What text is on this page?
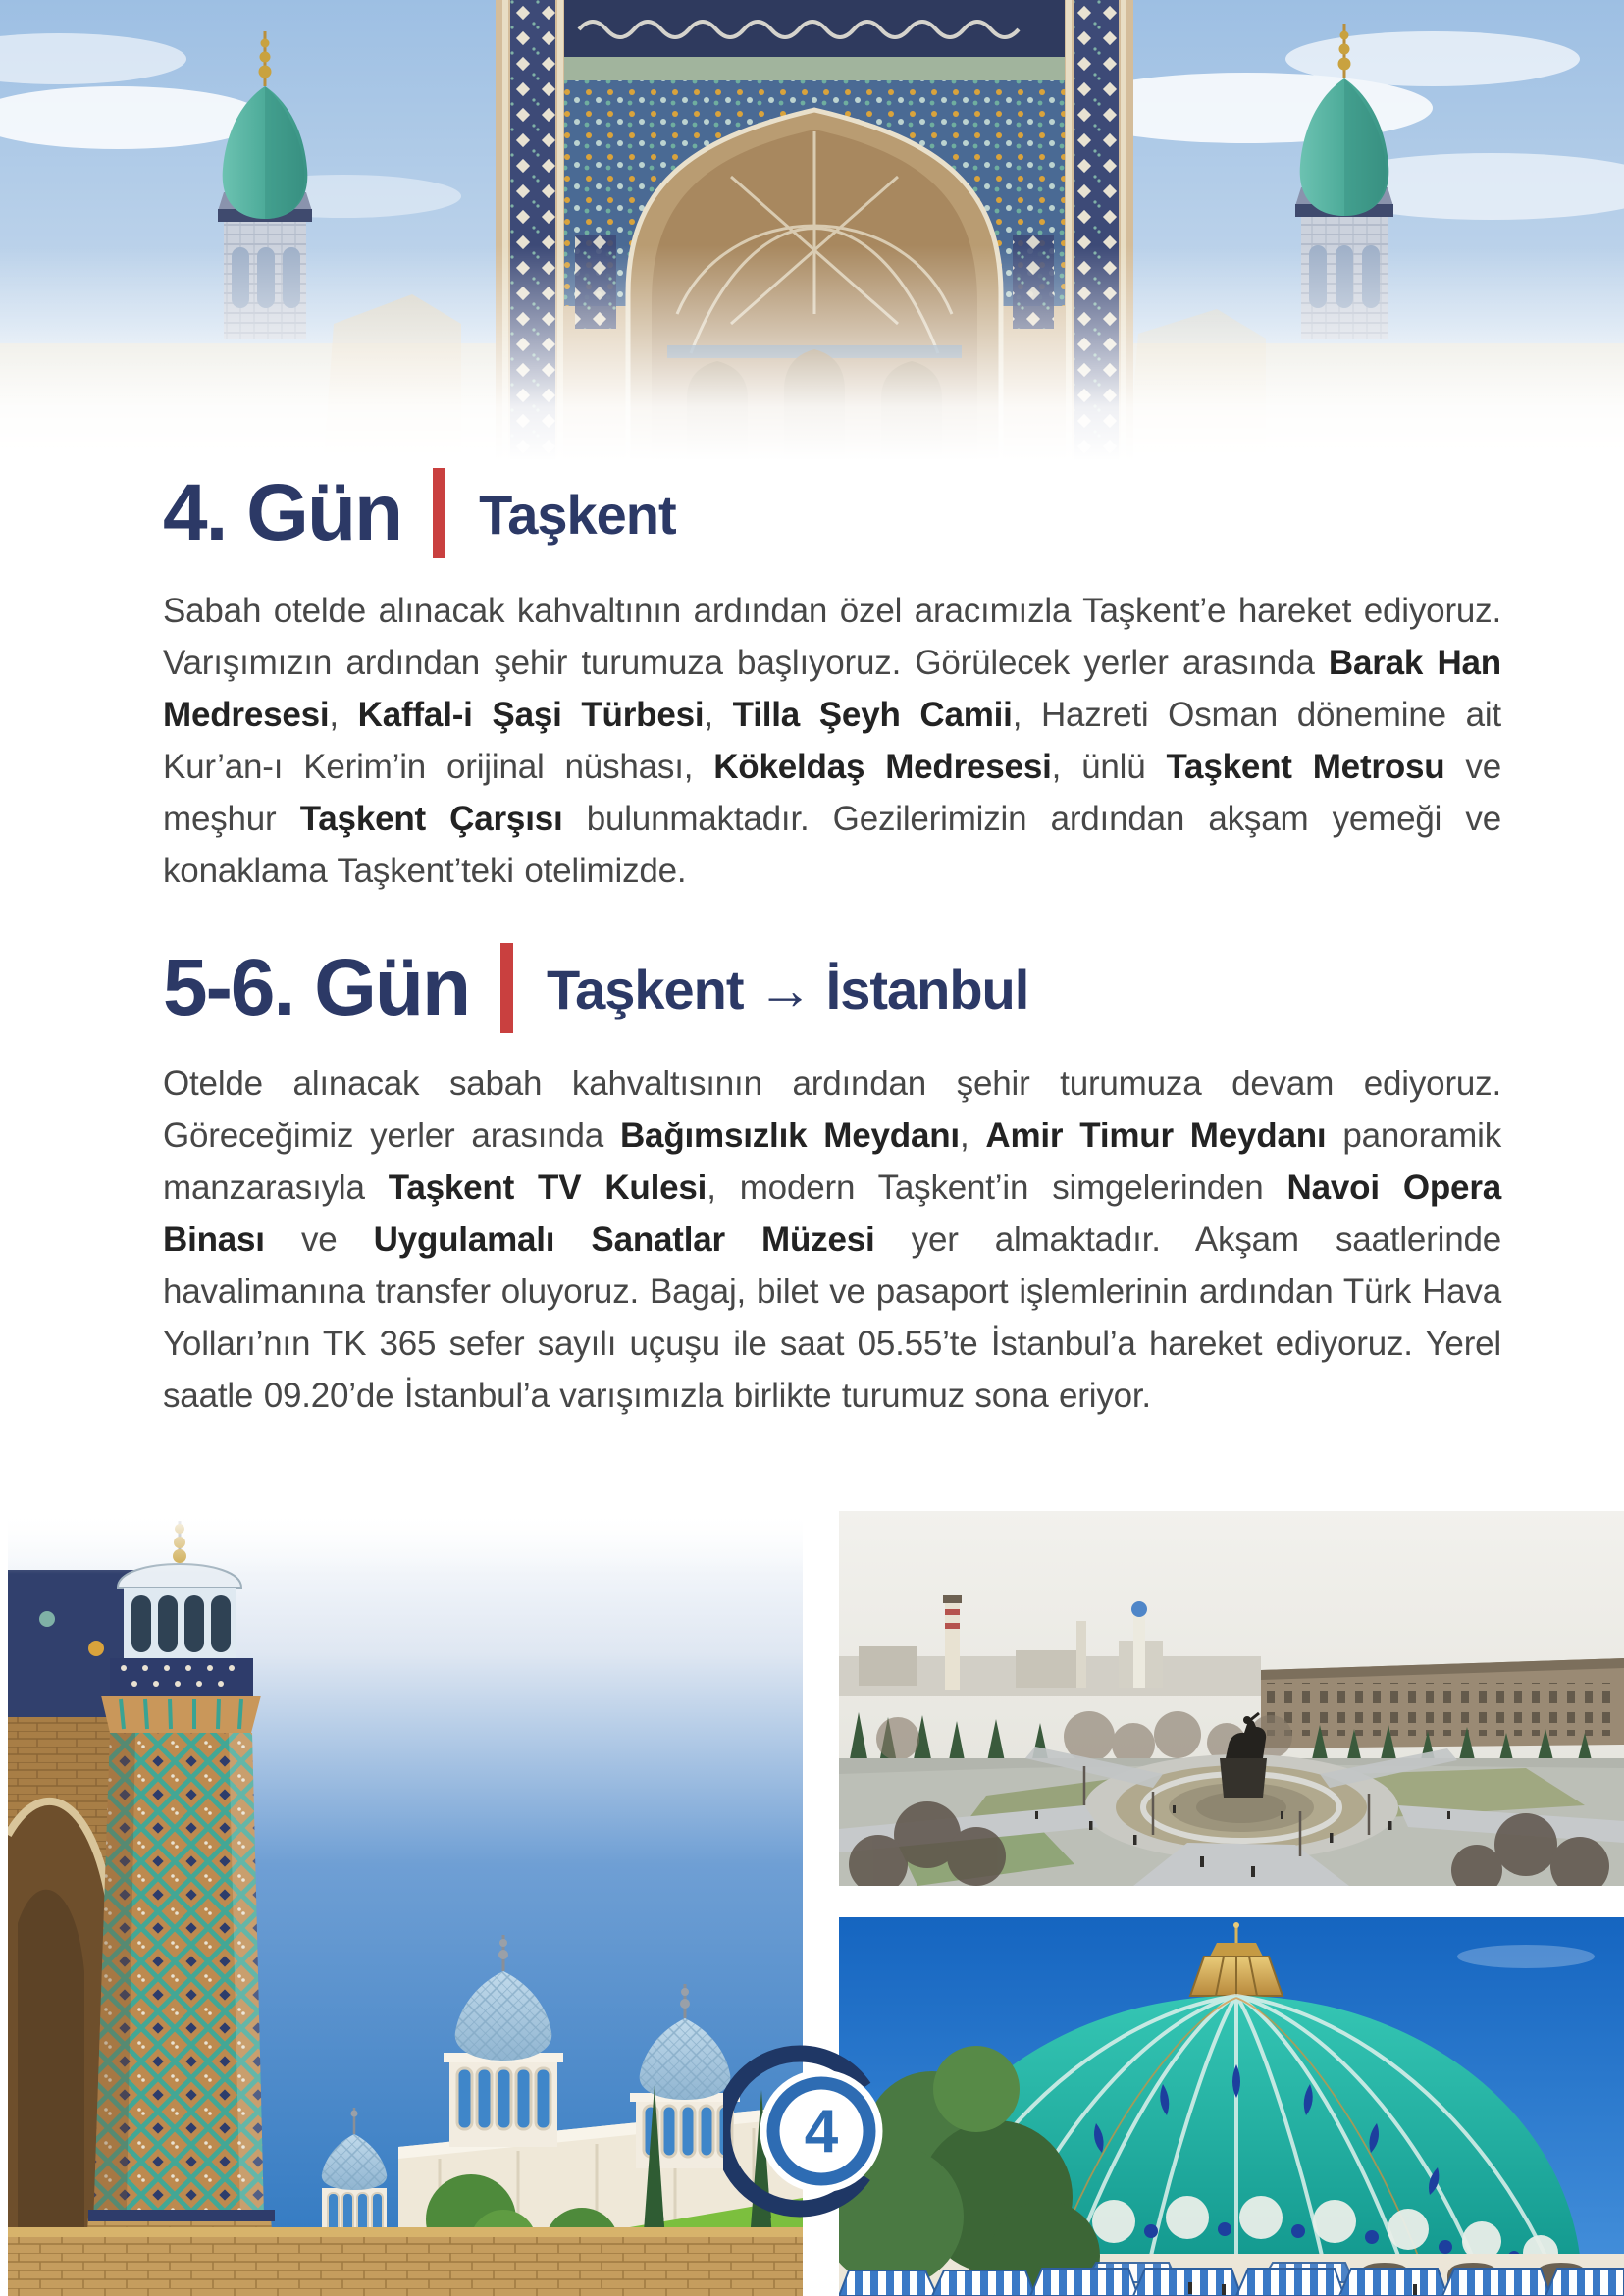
4. Gün Taşkent

Sabah otelde alınacak kahvaltının ardından özel aracımızla Taşkent’e hareket ediyoruz. Varışımızın ardından şehir turumuza başlıyoruz. Görülecek yerler arasında Barak Han Medresesi, Kaffal-i Şaşi Türbesi, Tilla Şeyh Camii, Hazreti Osman dönemine ait Kur’an-ı Kerim’in orijinal nüshası, Kökeldaş Medresesi, ünlü Taşkent Metrosu ve meşhur Taşkent Çarşısı bulunmaktadır. Gezilerimizin ardından akşam yemeği ve konaklama Taşkent’teki otelimizde.

5-6. Gün Taşkent → İstanbul

Otelde alınacak sabah kahvaltısının ardından şehir turumuza devam ediyoruz. Göreceğimiz yerler arasında Bağımsızlık Meydanı, Amir Timur Meydanı panoramik manzarasıyla Taşkent TV Kulesi, modern Taşkent’in simgelerinden Navoi Opera Binası ve Uygulamalı Sanatlar Müzesi yer almaktadır. Akşam saatlerinde havalimanına transfer oluyoruz. Bagaj, bilet ve pasaport işlemlerinin ardından Türk Hava Yolları’nın TK 365 sefer sayılı uçuşu ile saat 05.55’te İstanbul’a hareket ediyoruz. Yerel saatle 09.20’de İstanbul’a varışımızla birlikte turumuz sona eriyor.

4
